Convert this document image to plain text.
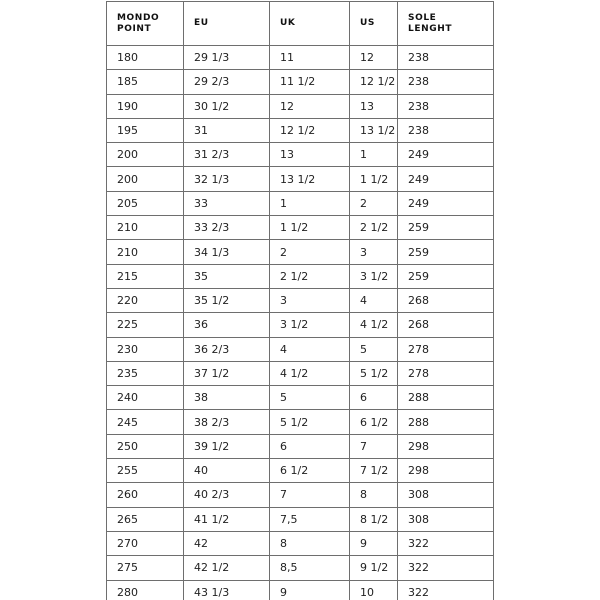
MONDO POINT	EU	UK	US	SOLE LENGHT
180	29 1/3	11	12	238
185	29 2/3	11 1/2	12 1/2	238
190	30 1/2	12	13	238
195	31	12 1/2	13 1/2	238
200	31 2/3	13	1	249
200	32 1/3	13 1/2	1 1/2	249
205	33	1	2	249
210	33 2/3	1 1/2	2 1/2	259
210	34 1/3	2	3	259
215	35	2 1/2	3 1/2	259
220	35 1/2	3	4	268
225	36	3 1/2	4 1/2	268
230	36 2/3	4	5	278
235	37 1/2	4 1/2	5 1/2	278
240	38	5	6	288
245	38 2/3	5 1/2	6 1/2	288
250	39 1/2	6	7	298
255	40	6 1/2	7 1/2	298
260	40 2/3	7	8	308
265	41 1/2	7,5	8 1/2	308
270	42	8	9	322
275	42 1/2	8,5	9 1/2	322
280	43 1/3	9	10	322
